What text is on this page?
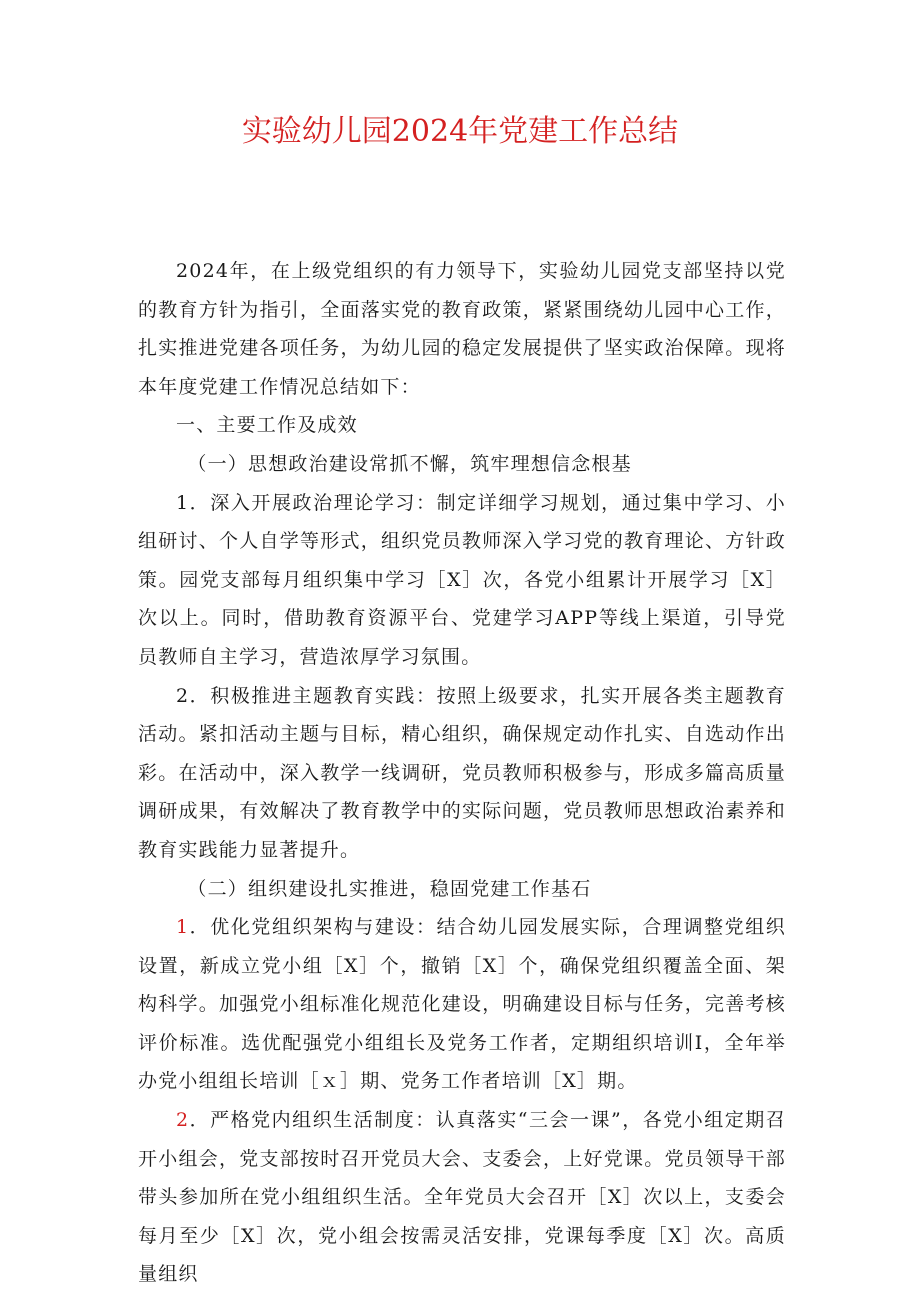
实验幼儿园2024年党建工作总结

2024年，在上级党组织的有力领导下，实验幼儿园党支部坚持以党的教育方针为指引，全面落实党的教育政策，紧紧围绕幼儿园中心工作，扎实推进党建各项任务，为幼儿园的稳定发展提供了坚实政治保障。现将本年度党建工作情况总结如下：

一、主要工作及成效

（一）思想政治建设常抓不懈，筑牢理想信念根基

1．深入开展政治理论学习：制定详细学习规划，通过集中学习、小组研讨、个人自学等形式，组织党员教师深入学习党的教育理论、方针政策。园党支部每月组织集中学习［X］次，各党小组累计开展学习［X］次以上。同时，借助教育资源平台、党建学习APP等线上渠道，引导党员教师自主学习，营造浓厚学习氛围。

2．积极推进主题教育实践：按照上级要求，扎实开展各类主题教育活动。紧扣活动主题与目标，精心组织，确保规定动作扎实、自选动作出彩。在活动中，深入教学一线调研，党员教师积极参与，形成多篇高质量调研成果，有效解决了教育教学中的实际问题，党员教师思想政治素养和教育实践能力显著提升。

（二）组织建设扎实推进，稳固党建工作基石

1．优化党组织架构与建设：结合幼儿园发展实际，合理调整党组织设置，新成立党小组［X］个，撤销［X］个，确保党组织覆盖全面、架构科学。加强党小组标准化规范化建设，明确建设目标与任务，完善考核评价标准。选优配强党小组组长及党务工作者，定期组织培训I，全年举办党小组组长培训［ｘ］期、党务工作者培训［X］期。

2．严格党内组织生活制度：认真落实“三会一课”，各党小组定期召开小组会，党支部按时召开党员大会、支委会，上好党课。党员领导干部带头参加所在党小组组织生活。全年党员大会召开［X］次以上，支委会每月至少［X］次，党小组会按需灵活安排，党课每季度［X］次。高质量组织
